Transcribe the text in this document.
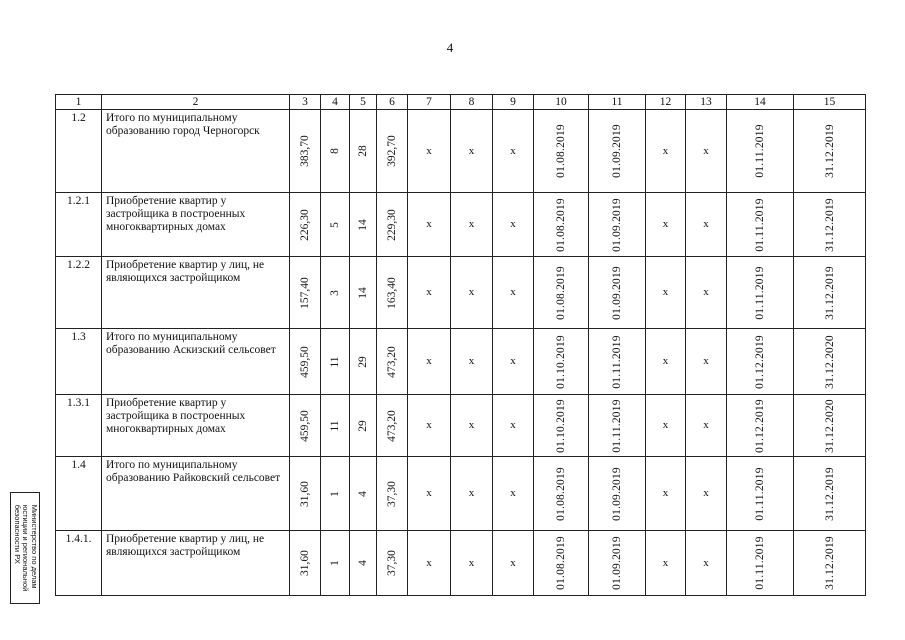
4
1	2	3	4	5	6	7	8	9	10	11	12	13	14	15
1.2	Итого по муниципальному образованию город Черногорск	383,70	8	28	392,70	x	x	x	01.08.2019	01.09.2019	x	x	01.11.2019	31.12.2019

1.2.1	Приобретение квартир у застройщика в построенных многоквартирных домах	226,30	5	14	229,30	x	x	x	01.08.2019	01.09.2019	x	x	01.11.2019	31.12.2019

1.2.2	Приобретение квартир у лиц, не являющихся застройщиком	157,40	3	14	163,40	x	x	x	01.08.2019	01.09.2019	x	x	01.11.2019	31.12.2019

1.3	Итого по муниципальному образованию Аскизский сельсовет	459,50	11	29	473,20	x	x	x	01.10.2019	01.11.2019	x	x	01.12.2019	31.12.2020

1.3.1	Приобретение квартир у застройщика в построенных многоквартирных домах	459,50	11	29	473,20	x	x	x	01.10.2019	01.11.2019	x	x	01.12.2019	31.12.2020

1.4	Итого по муниципальному образованию Райковский сельсовет	31,60	1	4	37,30	x	x	x	01.08.2019	01.09.2019	x	x	01.11.2019	31.12.2019

1.4.1.	Приобретение квартир у лиц, не являющихся застройщиком	31,60	1	4	37,30	x	x	x	01.08.2019	01.09.2019	x	x	01.11.2019	31.12.2019
Министерство по делам
юстиции и региональной
безопасности РХ
